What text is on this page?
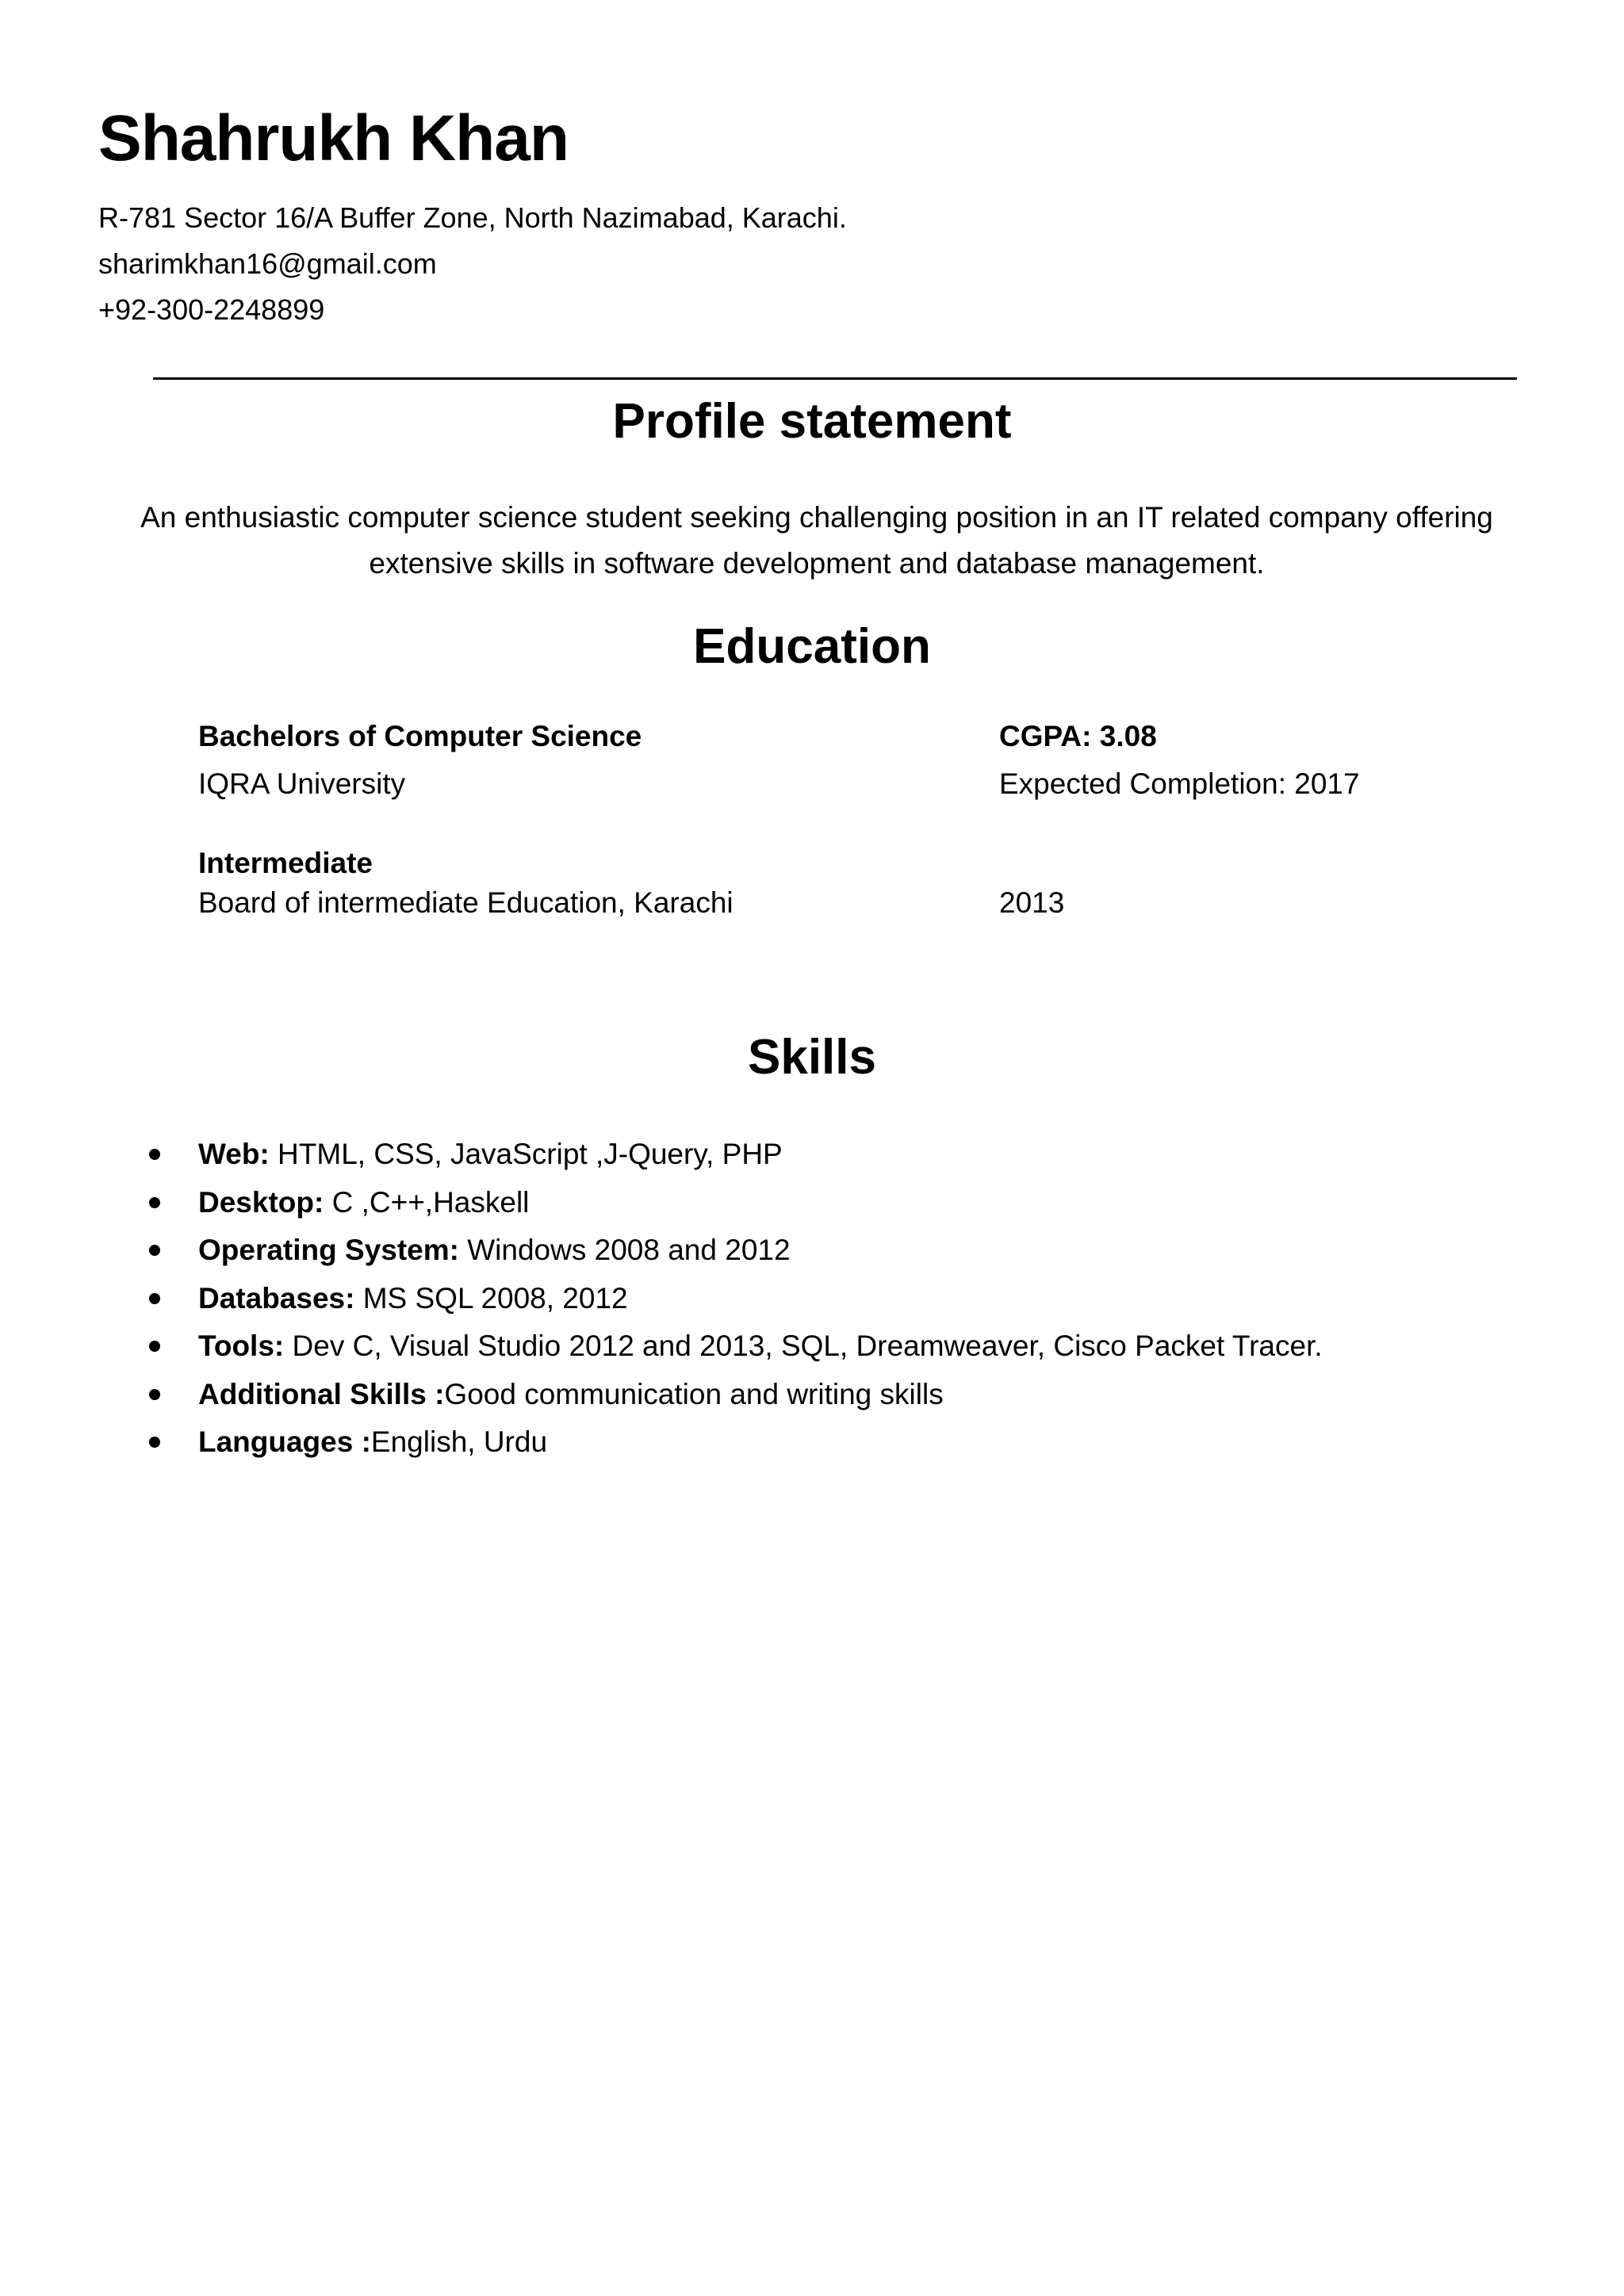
Shahrukh Khan
R-781 Sector 16/A Buffer Zone, North Nazimabad, Karachi.
sharimkhan16@gmail.com
+92-300-2248899
Profile statement
An enthusiastic computer science student seeking challenging position in an IT related company offering extensive skills in software development and database management.
Education
Bachelors of Computer Science	CGPA: 3.08
IQRA University	Expected Completion: 2017
Intermediate
Board of intermediate Education, Karachi	2013
Skills
Web: HTML, CSS, JavaScript ,J-Query, PHP
Desktop: C ,C++,Haskell
Operating System: Windows 2008 and 2012
Databases: MS SQL 2008, 2012
Tools: Dev C, Visual Studio 2012 and 2013, SQL, Dreamweaver, Cisco Packet Tracer.
Additional Skills :Good communication and writing skills
Languages :English, Urdu
